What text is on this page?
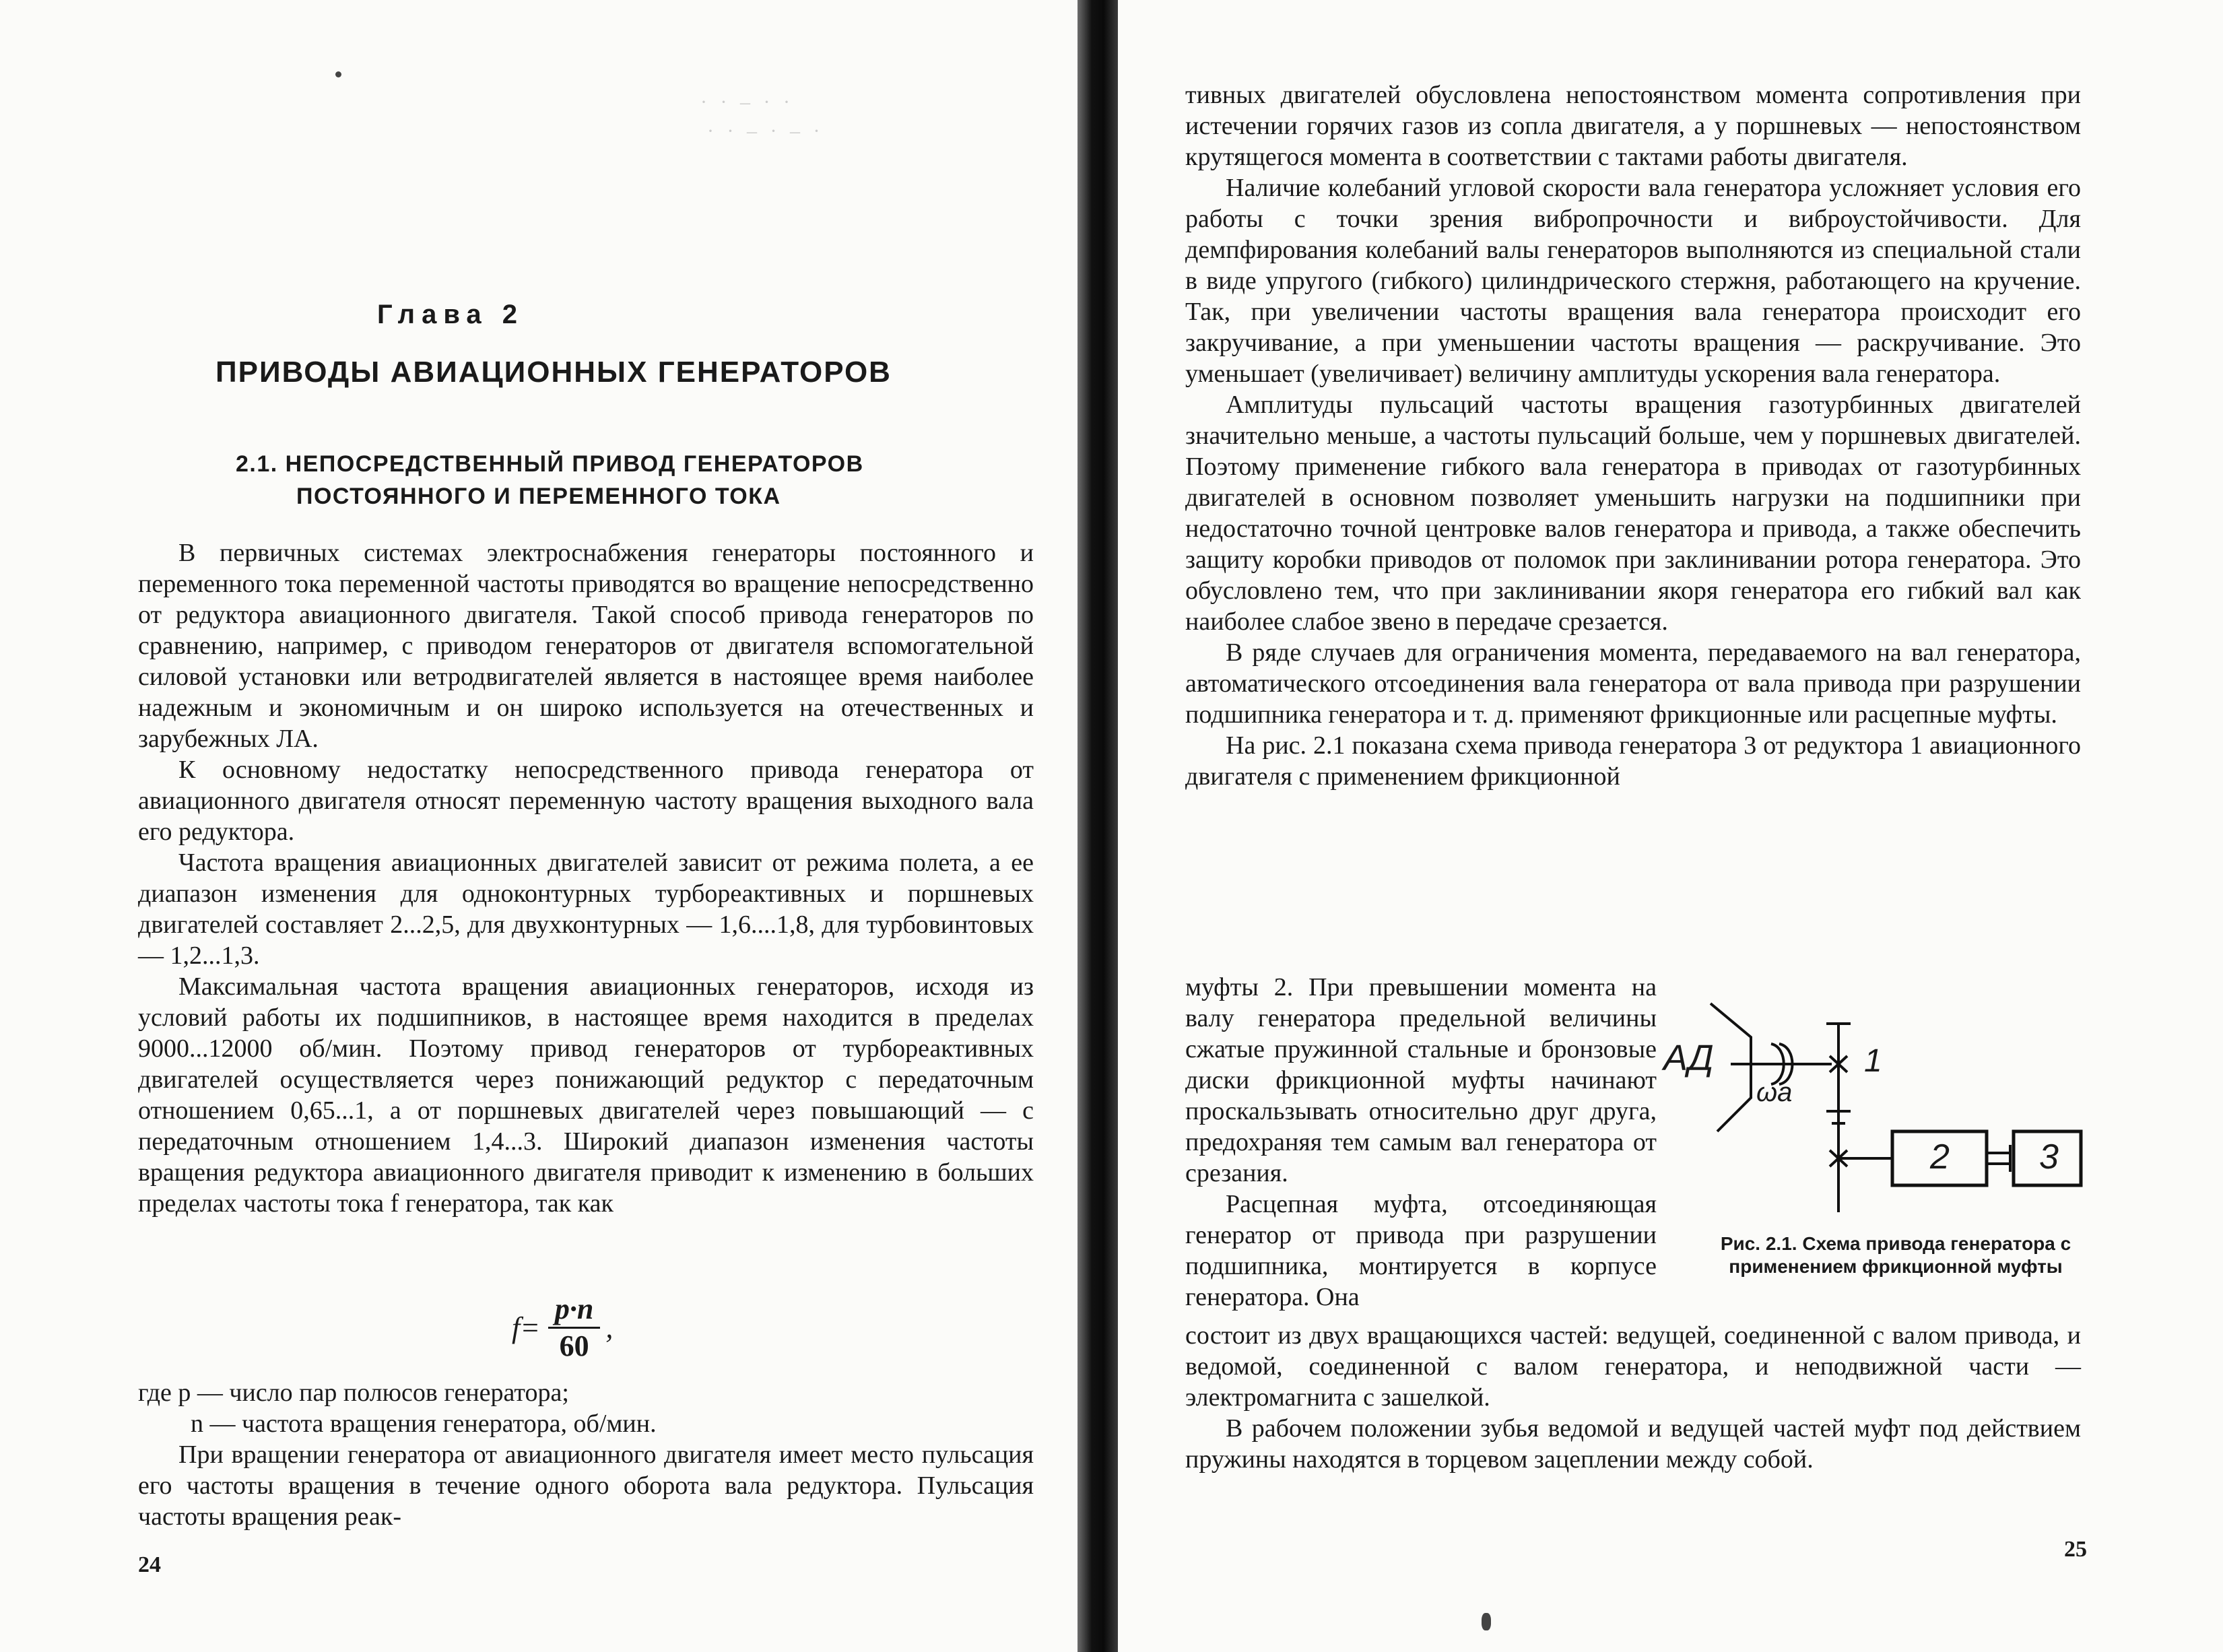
· · ‒ · ·
· · ‒ · ‒ ·
Глава 2
ПРИВОДЫ АВИАЦИОННЫХ ГЕНЕРАТОРОВ
2.1. НЕПОСРЕДСТВЕННЫЙ ПРИВОД ГЕНЕРАТОРОВ
ПОСТОЯННОГО И ПЕРЕМЕННОГО ТОКА

В первичных системах электроснабжения генераторы постоянного и переменного тока переменной частоты приводятся во вращение непосредственно от редуктора авиационного двигателя. Такой способ привода генераторов по сравнению, например, с приводом генераторов от двигателя вспомогательной силовой установки или ветродвигателей является в настоящее время наиболее надежным и экономичным и он широко используется на отечественных и зарубежных ЛА.

К основному недостатку непосредственного привода генератора от авиационного двигателя относят переменную частоту вращения выходного вала его редуктора.

Частота вращения авиационных двигателей зависит от режима полета, а ее диапазон изменения для одноконтурных турбореактивных и поршневых двигателей составляет 2...2,5, для двухконтурных — 1,6....1,8, для турбовинтовых — 1,2...1,3.

Максимальная частота вращения авиационных генераторов, исходя из условий работы их подшипников, в настоящее время находится в пределах 9000...12000 об/мин. Поэтому привод генераторов от турбореактивных двигателей осуществляется через понижающий редуктор с передаточным отношением 0,65...1, а от поршневых двигателей через повышающий — с передаточным отношением 1,4...3. Широкий диапазон изменения частоты вращения редуктора авиационного двигателя приводит к изменению в больших пределах частоты тока f генератора, так как

$f= \frac{p\cdot n}{60}$ ,

где p — число пар полюсов генератора;

n — частота вращения генератора, об/мин.

При вращении генератора от авиационного двигателя имеет место пульсация его частоты вращения в течение одного оборота вала редуктора. Пульсация частоты вращения реак-

24

тивных двигателей обусловлена непостоянством момента сопротивления при истечении горячих газов из сопла двигателя, а у поршневых — непостоянством крутящегося момента в соответствии с тактами работы двигателя.

Наличие колебаний угловой скорости вала генератора усложняет условия его работы с точки зрения вибропрочности и виброустойчивости. Для демпфирования колебаний валы генераторов выполняются из специальной стали в виде упругого (гибкого) цилиндрического стержня, работающего на кручение. Так, при увеличении частоты вращения вала генератора происходит его закручивание, а при уменьшении частоты вращения — раскручивание. Это уменьшает (увеличивает) величину амплитуды ускорения вала генератора.

Амплитуды пульсаций частоты вращения газотурбинных двигателей значительно меньше, а частоты пульсаций больше, чем у поршневых двигателей. Поэтому применение гибкого вала генератора в приводах от газотурбинных двигателей в основном позволяет уменьшить нагрузки на подшипники при недостаточно точной центровке валов генератора и привода, а также обеспечить защиту коробки приводов от поломок при заклинивании ротора генератора. Это обусловлено тем, что при заклинивании якоря генератора его гибкий вал как наиболее слабое звено в передаче срезается.

В ряде случаев для ограничения момента, передаваемого на вал генератора, автоматического отсоединения вала генератора от вала привода при разрушении подшипника генератора и т. д. применяют фрикционные или расцепные муфты.

На рис. 2.1 показана схема привода генератора 3 от редуктора 1 авиационного двигателя с применением фрикционной

муфты 2. При превышении момента на валу генератора предельной величины сжатые пружинной стальные и бронзовые диски фрикционной муфты начинают проскальзывать относительно друг друга, предохраняя тем самым вал генератора от срезания.

Расцепная муфта, отсоединяющая генератор от привода при разрушении подшипника, монтируется в корпусе генератора. Она

АД
ωa
1
2	3
Рис. 2.1. Схема привода генератора с применением фрикционной муфты

состоит из двух вращающихся частей: ведущей, соединенной с валом привода, и ведомой, соединенной с валом генератора, и неподвижной части — электромагнита с зашелкой.

В рабочем положении зубья ведомой и ведущей частей муфт под действием пружины находятся в торцевом зацеплении между собой.

25
